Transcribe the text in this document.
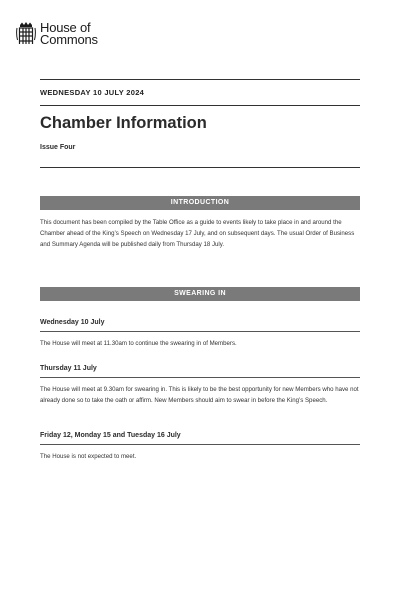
House of
Commons
WEDNESDAY 10 JULY 2024
Chamber Information
Issue Four
INTRODUCTION
This document has been compiled by the Table Office as a guide to events likely to take place in and around the Chamber ahead of the King’s Speech on Wednesday 17 July, and on subsequent days. The usual Order of Business and Summary Agenda will be published daily from Thursday 18 July.
SWEARING IN
Wednesday 10 July
The House will meet at 11.30am to continue the swearing in of Members.
Thursday 11 July
The House will meet at 9.30am for swearing in. This is likely to be the best opportunity for new Members who have not already done so to take the oath or affirm. New Members should aim to swear in before the King’s Speech.
Friday 12, Monday 15 and Tuesday 16 July
The House is not expected to meet.
